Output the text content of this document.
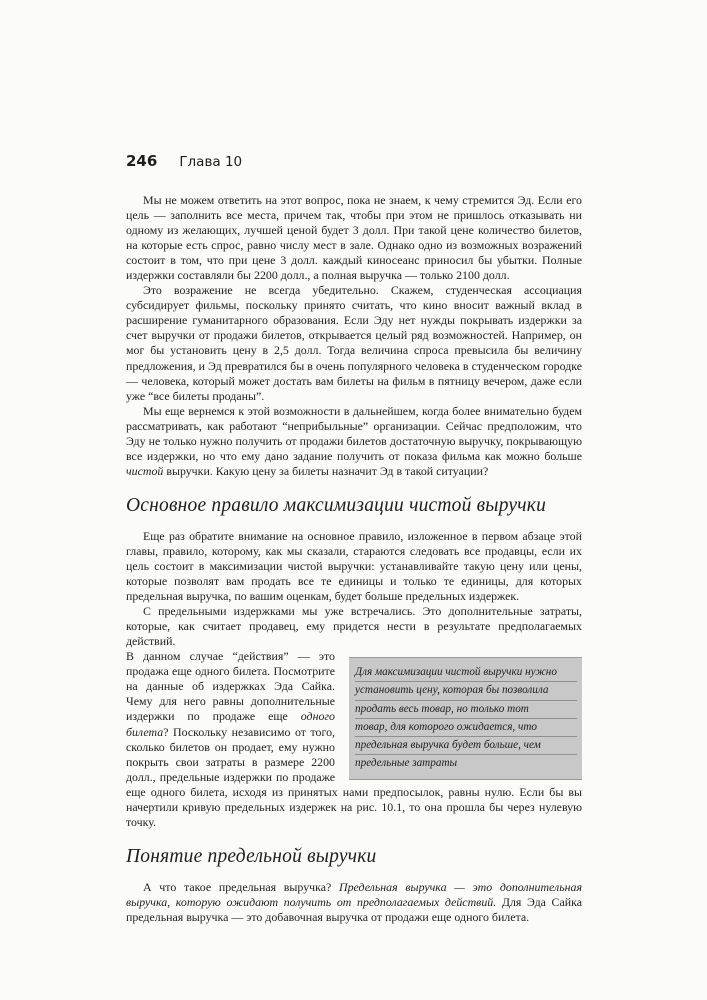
246 Глава 10

Мы не можем ответить на этот вопрос, пока не знаем, к чему стремится Эд. Если его цель — заполнить все места, причем так, чтобы при этом не пришлось отказывать ни одному из желающих, лучшей ценой будет 3 долл. При такой цене количество билетов, на которые есть спрос, равно числу мест в зале. Однако одно из возможных возражений состоит в том, что при цене 3 долл. каждый киносеанс приносил бы убытки. Полные издержки составляли бы 2200 долл., а полная выручка — только 2100 долл.

Это возражение не всегда убедительно. Скажем, студенческая ассоциация субсидирует фильмы, поскольку принято считать, что кино вносит важный вклад в расширение гуманитарного образования. Если Эду нет нужды покрывать издержки за счет выручки от продажи билетов, открывается целый ряд возможностей. Например, он мог бы установить цену в 2,5 долл. Тогда величина спроса превысила бы величину предложения, и Эд превратился бы в очень популярного человека в студенческом городке — человека, который может достать вам билеты на фильм в пятницу вечером, даже если уже “все билеты проданы”.

Мы еще вернемся к этой возможности в дальнейшем, когда более внимательно будем рассматривать, как работают “неприбыльные” организации. Сейчас предположим, что Эду не только нужно получить от продажи билетов достаточную выручку, покрывающую все издержки, но что ему дано задание получить от показа фильма как можно больше чистой выручки. Какую цену за билеты назначит Эд в такой ситуации?

Основное правило максимизации чистой выручки

Еще раз обратите внимание на основное правило, изложенное в первом абзаце этой главы, правило, которому, как мы сказали, стараются следовать все продавцы, если их цель состоит в максимизации чистой выручки: устанавливайте такую цену или цены, которые позволят вам продать все те единицы и только те единицы, для которых предельная выручка, по вашим оценкам, будет больше предельных издержек.

С предельными издержками мы уже встречались. Это дополнительные затраты, которые, как считает продавец, ему придется нести в результате предполагаемых действий.

Для максимизации чистой выручки нужно
установить цену, которая бы позволила
продать весь товар, но только тот
товар, для которого ожидается, что
предельная выручка будет больше, чем
предельные затраты

В данном случае “действия” — это продажа еще одного билета. Посмотрите на данные об издержках Эда Сайка. Чему для него равны дополнительные издержки по продаже еще одного билета? Поскольку независимо от того, сколько билетов он продает, ему нужно покрыть свои затраты в размере 2200 долл., предельные издержки по продаже еще одного билета, исходя из принятых нами предпосылок, равны нулю. Если бы вы начертили кривую предельных издержек на рис. 10.1, то она прошла бы через нулевую точку.

Понятие предельной выручки

А что такое предельная выручка? Предельная выручка — это дополнительная выручка, которую ожидают получить от предполагаемых действий. Для Эда Сайка предельная выручка — это добавочная выручка от продажи еще одного билета.
